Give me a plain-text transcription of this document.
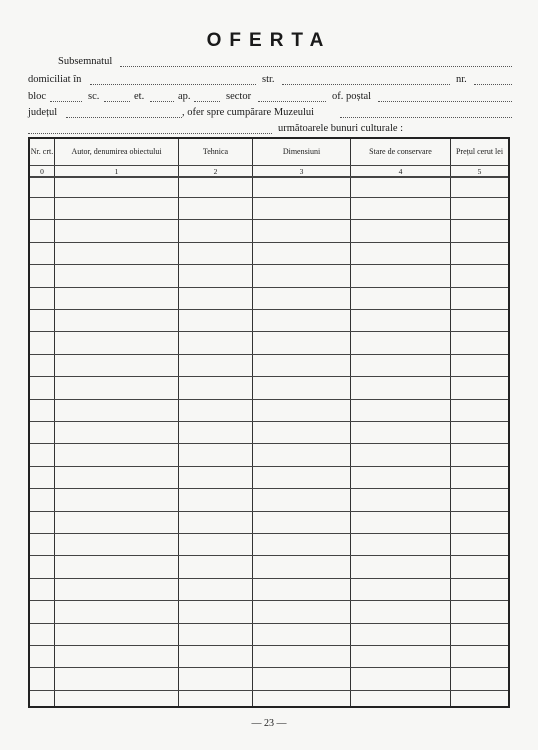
OFERTA
Subsemnatul
domiciliat în	str.	nr.
bloc	sc.	et.	ap.	sector	of. poștal
județul	, ofer spre cumpărare Muzeului
următoarele bunuri culturale :
Nr. crt.	Autor, denumirea obiectului	Tehnica	Dimensiuni	Stare de conservare	Prețul cerut lei
0	1	2	3	4	5
— 23 —
